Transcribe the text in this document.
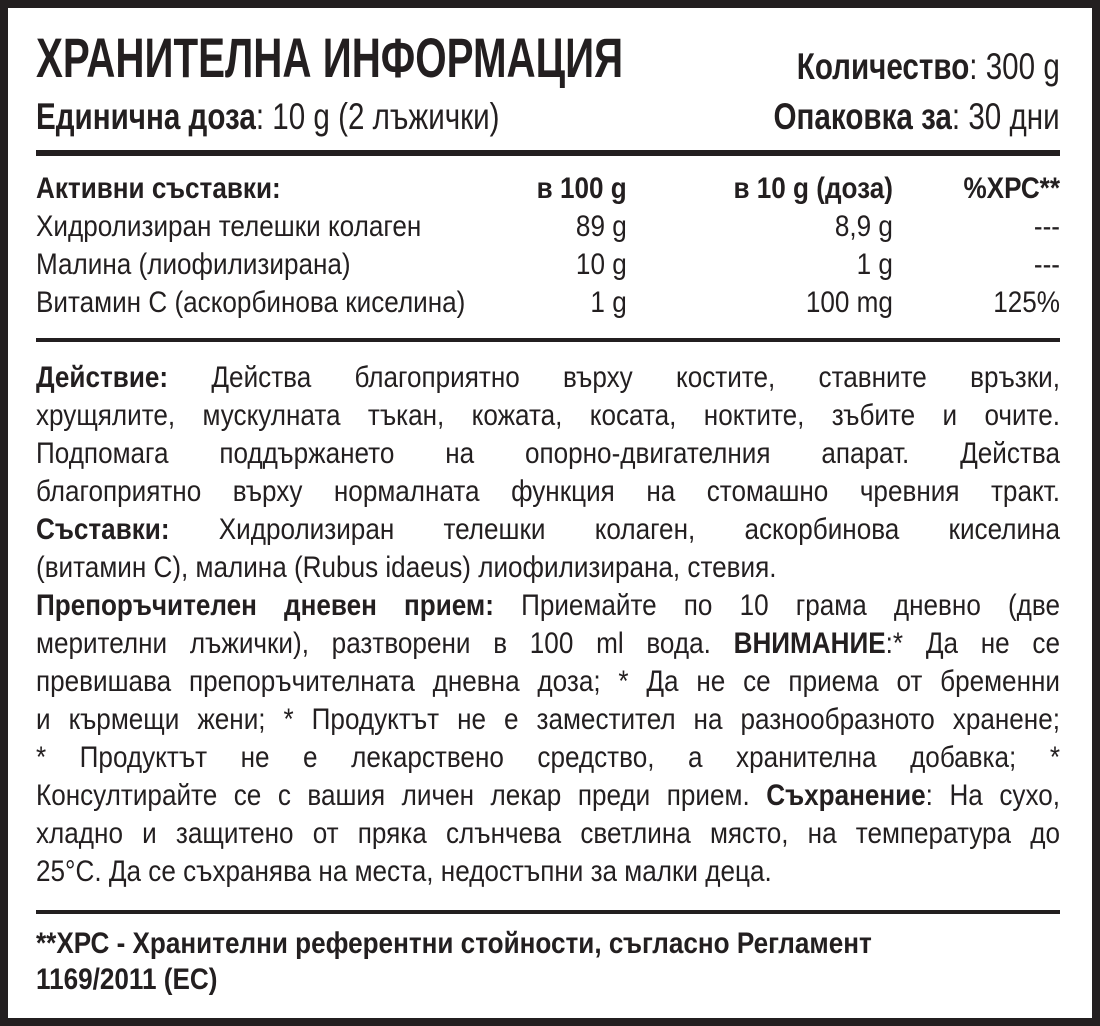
ХРАНИТЕЛНА ИНФОРМАЦИЯ	Количество: 300 g
Единична доза: 10 g (2 лъжички)	Опаковка за: 30 дни
Активни съставки:	в 100 g	в 10 g (доза)	%ХРС**
Хидролизиран телешки колаген	89 g	8,9 g	---
Малина (лиофилизирана)	10 g	1 g	---
Витамин С (аскорбинова киселина)	1 g	100 mg	125%
Действие: Действа благоприятно върху костите, ставните връзки,
хрущялите, мускулната тъкан, кожата, косата, ноктите, зъбите и очите.
Подпомага поддържането на опорно-двигателния апарат. Действа
благоприятно върху нормалната функция на стомашно чревния тракт.
Съставки: Хидролизиран телешки колаген, аскорбинова киселина
(витамин С), малина (Rubus idaeus) лиофилизирана, стевия.
Препоръчителен дневен прием: Приемайте по 10 грама дневно (две
мерителни лъжички), разтворени в 100 ml вода. ВНИМАНИЕ:* Да не се
превишава препоръчителната дневна доза; * Да не се приема от бременни
и кърмещи жени; * Продуктът не е заместител на разнообразното хранене;
* Продуктът не е лекарствено средство, а хранителна добавка; *
Консултирайте се с вашия личен лекар преди прием. Съхранение: На сухо,
хладно и защитено от пряка слънчева светлина място, на температура до
25°C. Да се съхранява на места, недостъпни за малки деца.
**ХРС - Хранителни референтни стойности, съгласно Регламент
1169/2011 (ЕС)
